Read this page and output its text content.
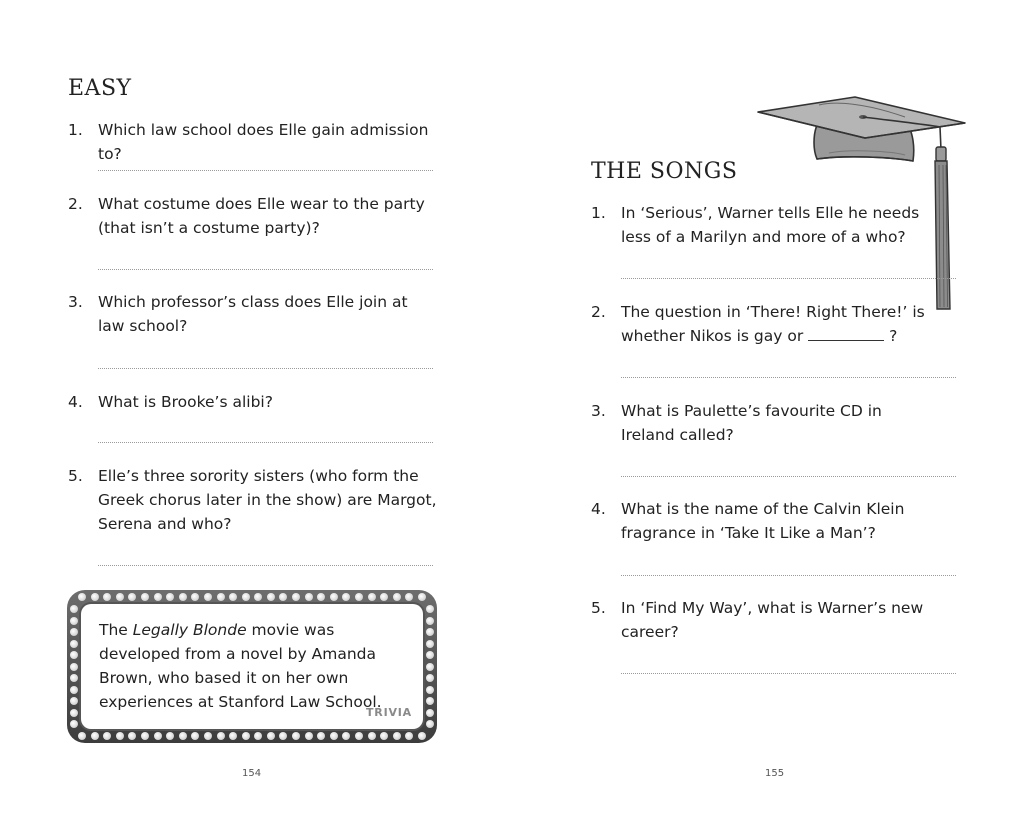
EASY
1. Which law school does Elle gain admission to?
2. What costume does Elle wear to the party (that isn’t a costume party)?
3. Which professor’s class does Elle join at law school?
4. What is Brooke’s alibi?
5. Elle’s three sorority sisters (who form the Greek chorus later in the show) are Margot, Serena and who?
The Legally Blonde movie was developed from a novel by Amanda Brown, who based it on her own experiences at Stanford Law School.
TRIVIA
154
THE SONGS
1. In ‘Serious’, Warner tells Elle he needs less of a Marilyn and more of a who?
2. The question in ‘There! Right There!’ is whether Nikos is gay or	?
3. What is Paulette’s favourite CD in Ireland called?
4. What is the name of the Calvin Klein fragrance in ‘Take It Like a Man’?
5. In ‘Find My Way’, what is Warner’s new career?
155
